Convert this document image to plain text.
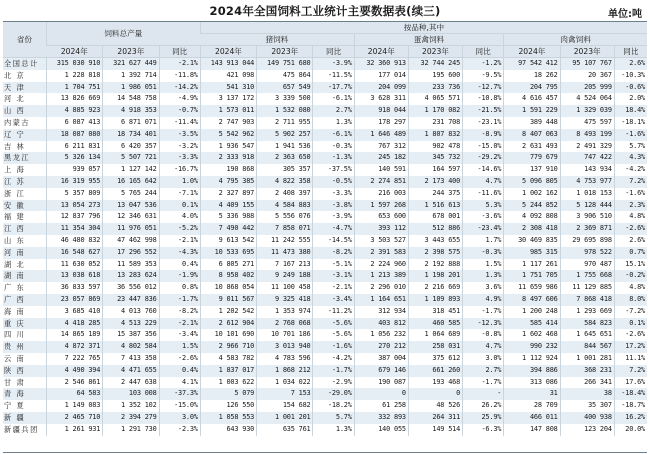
2024年全国饲料工业统计主要数据表(续三)	单位:吨
省份	饲料总产量			按品种,其中								
				猪饲料			蛋禽饲料			肉禽饲料		
	2024年	2023年	同比	2024年	2023年	同比	2024年	2023年	同比	2024年	2023年	同比
全国总计	315 030 910	321 627 449	-2.1%	143 913 044	149 751 680	-3.9%	32 360 913	32 744 245	-1.2%	97 542 412	95 107 767	2.6%
北 京	1 228 818	1 392 714	-11.8%	421 098	475 864	-11.5%	177 014	195 600	-9.5%	18 262	20 367	-10.3%
天 津	1 704 751	1 986 051	-14.2%	541 310	657 549	-17.7%	204 099	233 736	-12.7%	204 795	205 999	-0.6%
河 北	13 826 669	14 548 758	-4.9%	3 137 172	3 339 500	-6.1%	3 628 311	4 065 571	-10.8%	4 616 457	4 524 064	2.0%
山 西	4 885 923	4 918 353	-0.7%	1 573 011	1 532 080	2.7%	918 044	1 170 082	-21.5%	1 591 229	1 329 039	18.4%
内蒙古	6 087 413	6 871 071	-11.4%	2 747 903	2 711 955	1.3%	178 297	231 708	-23.1%	389 448	475 597	-18.1%
辽 宁	18 087 080	18 734 401	-3.5%	5 542 962	5 902 257	-6.1%	1 646 489	1 807 832	-8.9%	8 407 063	8 493 199	-1.6%
吉 林	6 211 831	6 420 357	-3.2%	1 936 547	1 941 536	-0.3%	767 312	902 478	-15.0%	2 631 493	2 491 329	5.7%
黑龙江	5 326 134	5 507 721	-3.3%	2 333 918	2 363 650	-1.3%	245 182	345 732	-29.2%	779 679	747 422	4.3%
上 海	939 057	1 127 142	-16.7%	190 868	305 357	-37.5%	140 591	164 597	-14.6%	137 910	143 934	-4.2%
江 苏	16 319 955	16 165 642	1.0%	4 795 385	4 822 358	-0.5%	2 274 851	2 173 400	4.7%	5 096 805	4 753 977	7.2%
浙 江	5 357 809	5 765 244	-7.1%	2 327 897	2 408 397	-3.3%	216 003	244 375	-11.6%	1 002 162	1 018 153	-1.6%
安 徽	13 054 273	13 047 536	0.1%	4 409 155	4 584 883	-3.8%	1 597 268	1 516 613	5.3%	5 244 852	5 128 444	2.3%
福 建	12 837 796	12 346 631	4.0%	5 336 988	5 556 076	-3.9%	653 600	678 001	-3.6%	4 092 808	3 906 510	4.8%
江 西	11 354 304	11 976 051	-5.2%	7 490 442	7 858 071	-4.7%	393 112	512 886	-23.4%	2 308 418	2 369 871	-2.6%
山 东	46 480 832	47 462 998	-2.1%	9 613 542	11 242 555	-14.5%	3 503 527	3 443 655	1.7%	30 469 835	29 695 898	2.6%
河 南	16 548 627	17 296 552	-4.3%	10 533 695	11 473 380	-8.2%	2 391 583	2 398 575	-0.3%	985 315	978 522	0.7%
湖 北	11 630 052	11 589 353	0.4%	6 805 271	7 167 213	-5.1%	2 224 960	2 192 888	1.5%	1 117 261	970 487	15.1%
湖 南	13 038 618	13 283 624	-1.9%	8 958 402	9 249 188	-3.1%	1 213 389	1 198 201	1.3%	1 751 705	1 755 668	-0.2%
广 东	36 833 597	36 556 012	0.8%	10 868 054	11 100 458	-2.1%	2 296 010	2 216 669	3.6%	11 659 986	11 129 885	4.8%
广 西	23 057 869	23 447 836	-1.7%	9 011 567	9 325 418	-3.4%	1 164 651	1 109 893	4.9%	8 497 606	7 868 418	8.0%
海 南	3 685 410	4 013 760	-8.2%	1 202 542	1 353 974	-11.2%	312 934	318 451	-1.7%	1 200 248	1 293 669	-7.2%
重 庆	4 418 285	4 513 229	-2.1%	2 612 904	2 768 068	-5.6%	403 812	460 585	-12.3%	585 414	584 823	0.1%
四 川	14 865 189	15 387 356	-3.4%	10 101 690	10 701 186	-5.6%	1 056 232	1 064 689	-0.8%	1 602 468	1 645 651	-2.6%
贵 州	4 872 371	4 802 584	1.5%	2 966 710	3 013 940	-1.6%	270 212	258 031	4.7%	990 232	844 567	17.2%
云 南	7 222 765	7 413 358	-2.6%	4 583 782	4 783 596	-4.2%	387 004	375 612	3.0%	1 112 924	1 001 281	11.1%
陕 西	4 490 394	4 471 655	0.4%	1 837 017	1 868 212	-1.7%	679 146	661 260	2.7%	394 886	368 231	7.2%
甘 肃	2 546 861	2 447 638	4.1%	1 003 622	1 034 022	-2.9%	190 087	193 468	-1.7%	313 086	266 341	17.6%
青 海	64 583	103 008	-37.3%	5 079	7 153	-29.0%	0	0	-	31	38	-18.4%
宁 夏	1 149 083	1 352 102	-15.0%	126 550	154 682	-18.2%	61 258	48 526	26.2%	28 709	35 307	-18.7%
新 疆	2 465 710	2 394 279	3.0%	1 058 553	1 001 201	5.7%	332 893	264 311	25.9%	466 011	400 938	16.2%
新疆兵团	1 261 931	1 291 730	-2.3%	643 930	635 761	1.3%	140 055	149 514	-6.3%	147 808	123 204	20.0%
